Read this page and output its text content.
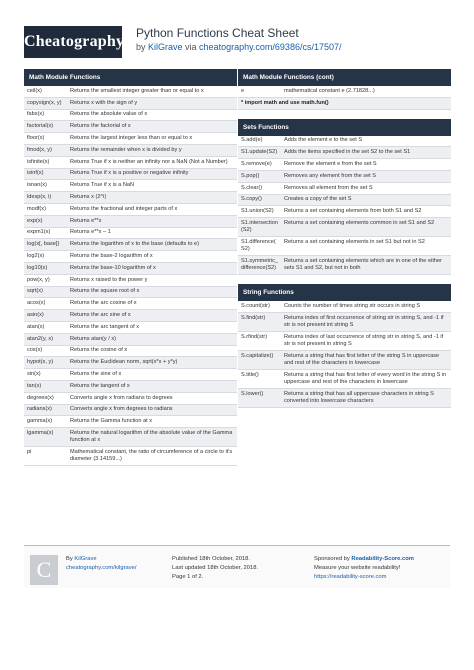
Cheatography Python Functions Cheat Sheet
by KilGrave via cheatography.com/69386/cs/17507/
Math Module Functions
ceil(x)	Returns the smallest integer greater than or equal to x
copysign(x, y)	Returns x with the sign of y
fabs(x)	Returns the absolute value of x
factorial(x)	Returns the factorial of x
floor(x)	Returns the largest integer less than or equal to x
fmod(x, y)	Returns the remainder when x is divided by y
isfinite(x)	Returns True if x is neither an infinity nor a NaN (Not a Number)
isinf(x)	Returns True if x is a positive or negative infinity
isnan(x)	Returns True if x is a NaN
ldexp(x, i)	Returns x (2^i)
modf(x)	Returns the fractional and integer parts of x
exp(x)	Returns e**x
expm1(x)	Returns e**x – 1
log(x[, base])	Returns the logarithm of x to the base (defaults to e)
log2(x)	Returns the base-2 logarithm of x
log10(x)	Returns the base-10 logarithm of x
pow(x, y)	Returns x raised to the power y
sqrt(x)	Returns the square root of x
acos(x)	Returns the arc cosine of x
asin(x)	Returns the arc sine of x
atan(x)	Returns the arc tangent of x
atan2(y, x)	Returns atan(y / x)
cos(x)	Returns the cosine of x
hypot(x, y)	Returns the Euclidean norm, sqrt(x*x + y*y)
sin(x)	Returns the sine of x
tan(x)	Returns the tangent of x
degrees(x)	Converts angle x from radians to degrees
radians(x)	Converts angle x from degrees to radians
gamma(x)	Returns the Gamma function at x
lgamma(x)	Returns the natural logarithm of the absolute value of the Gamma function at x
pi	Mathematical constant, the ratio of circumference of a circle to it's diameter (3.14159...)
Math Module Functions (cont)
e	mathematical constant e (2.71828...)
* import math and use math.fun()
Sets Functions
S.add(e)	Adds the element e to the set S
S1.update(S2)	Adds the items specified in the set S2 to the set S1
S.remove(e)	Remove the element e from the set S
S.pop()	Removes any element from the set S
S.clear()	Removes all element from the set S
S.copy()	Creates a copy of the set S
S1.union(S2)	Returns a set containing elements from both S1 and S2
S1.intersection(S2)	Returns a set containing elements common in set S1 and S2
S1.difference(S2)	Returns a set containing elements in set S1 but not in S2
S1.symmetric_difference(S2)	Returns a set containing elements which are in one of the either sets S1 and S2, but not in both
String Functions
S.count(str)	Counts the number of times string str occurs in string S
S.find(str)	Returns index of first occurrence of string str in string S, and -1 if str is not present int string S
S.rfind(str)	Returns index of last occurrence of string str in string S, and -1 if str is not present in string S
S.capitalize()	Returns a string that has first letter of the string S in uppercase and rest of the characters in lowercase
S.title()	Returns a string that has first letter of every word in the string S in uppercase and rest of the characters in lowercase
S.lower()	Returns a string that has all uppercase characters in string S converted into lowercase characters
C	By KilGrave
cheatography.com/kilgrave/
Published 18th October, 2018.
Last updated 18th October, 2018.
Page 1 of 2.
Sponsored by Readability-Score.com
Measure your website readability!
https://readability-score.com
